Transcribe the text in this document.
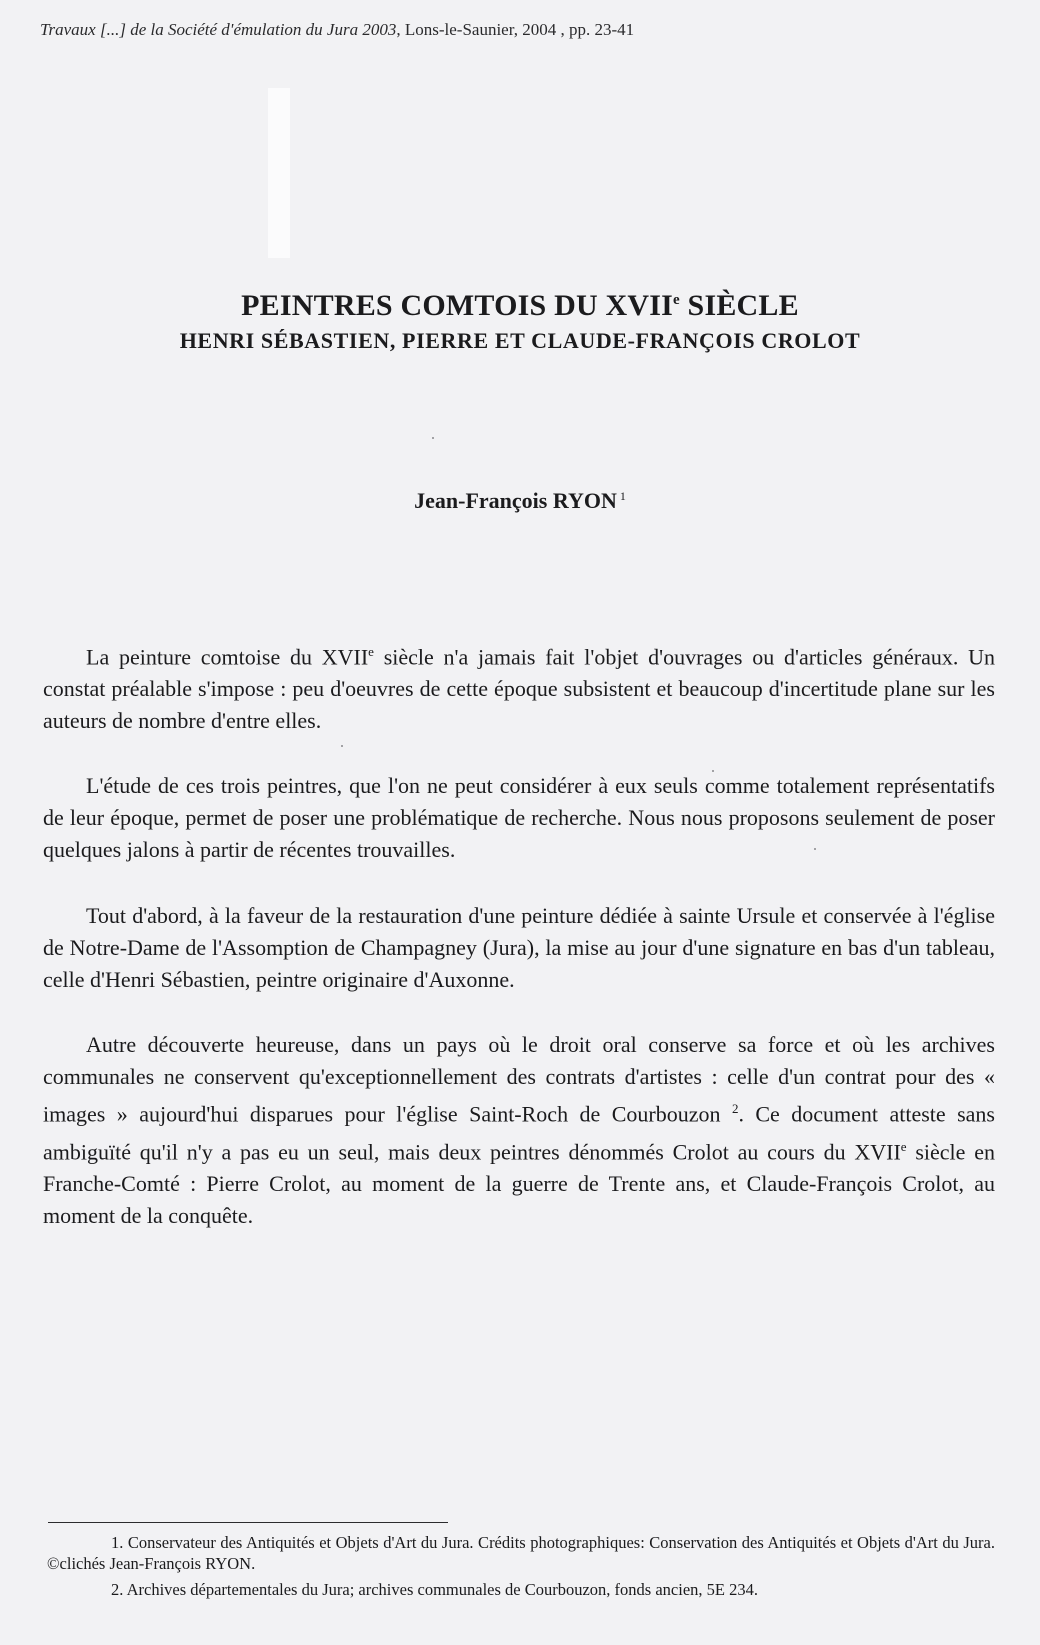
Travaux [...] de la Société d'émulation du Jura 2003, Lons-le-Saunier, 2004 , pp. 23-41
PEINTRES COMTOIS DU XVIIe SIÈCLE
HENRI SÉBASTIEN, PIERRE ET CLAUDE-FRANÇOIS CROLOT
Jean-François RYON $^1$

La peinture comtoise du XVIIe siècle n'a jamais fait l'objet d'ouvrages ou d'articles généraux. Un constat préalable s'impose : peu d'oeuvres de cette époque subsistent et beaucoup d'incertitude plane sur les auteurs de nombre d'entre elles.

L'étude de ces trois peintres, que l'on ne peut considérer à eux seuls comme totalement représentatifs de leur époque, permet de poser une problématique de recherche. Nous nous proposons seulement de poser quelques jalons à partir de récentes trouvailles.

Tout d'abord, à la faveur de la restauration d'une peinture dédiée à sainte Ursule et conservée à l'église de Notre-Dame de l'Assomption de Champagney (Jura), la mise au jour d'une signature en bas d'un tableau, celle d'Henri Sébastien, peintre originaire d'Auxonne.

Autre découverte heureuse, dans un pays où le droit oral conserve sa force et où les archives communales ne conservent qu'exceptionnellement des contrats d'artistes : celle d'un contrat pour des « images » aujourd'hui disparues pour l'église Saint-Roch de Courbouzon $^2$. Ce document atteste sans ambiguïté qu'il n'y a pas eu un seul, mais deux peintres dénommés Crolot au cours du XVIIe siècle en Franche-Comté : Pierre Crolot, au moment de la guerre de Trente ans, et Claude-François Crolot, au moment de la conquête.

1. Conservateur des Antiquités et Objets d'Art du Jura. Crédits photographiques: Conservation des Antiquités et Objets d'Art du Jura. ©clichés Jean-François RYON.

2. Archives départementales du Jura; archives communales de Courbouzon, fonds ancien, 5E 234.
